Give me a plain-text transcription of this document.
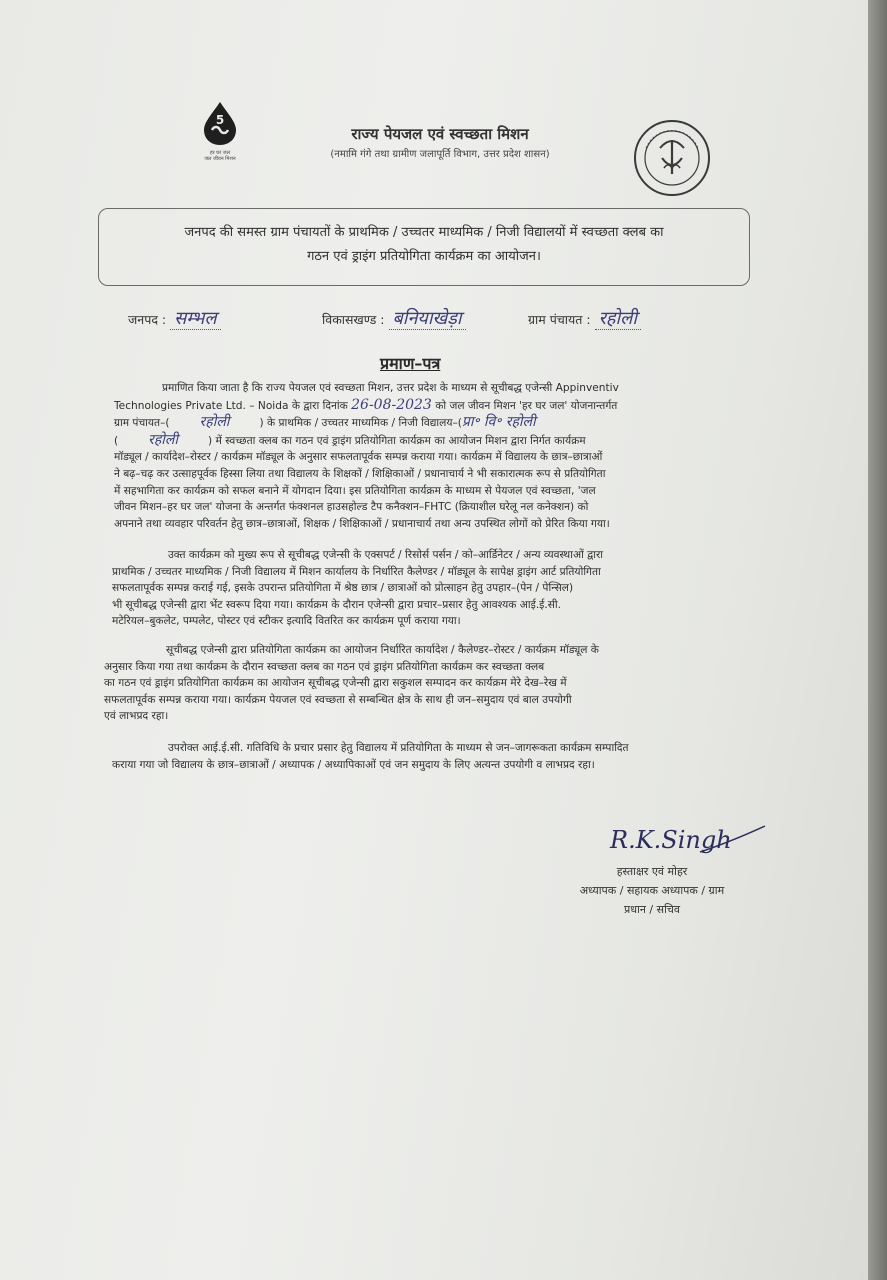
5
हर घर जल
जल जीवन मिशन
राज्य पेयजल एवं स्वच्छता मिशन
(नमामि गंगे तथा ग्रामीण जलापूर्ति विभाग, उत्तर प्रदेश शासन)
जनपद की समस्त ग्राम पंचायतों के प्राथमिक / उच्चतर माध्यमिक / निजी विद्यालयों में स्वच्छता क्लब का
गठन एवं ड्राइंग प्रतियोगिता कार्यक्रम का आयोजन।
जनपद : सम्भल	विकासखण्ड : बनियाखेड़ा	ग्राम पंचायत : रहोली
प्रमाण–पत्र
प्रमाणित किया जाता है कि राज्य पेयजल एवं स्वच्छता मिशन, उत्तर प्रदेश के माध्यम से सूचीबद्ध एजेन्सी Appinventiv
Technologies Private Ltd. – Noida के द्वारा दिनांक 26-08-2023 को जल जीवन मिशन 'हर घर जल' योजनान्तर्गत
ग्राम पंचायत–( रहोली	) के प्राथमिक / उच्चतर माध्यमिक / निजी विद्यालय–(प्रा॰ वि॰ रहोली
( रहोली	) में स्वच्छता क्लब का गठन एवं ड्राइंग प्रतियोगिता कार्यक्रम का आयोजन मिशन द्वारा निर्गत कार्यक्रम
मॉड्यूल / कार्यादेश–रोस्टर / कार्यक्रम मॉड्यूल के अनुसार सफलतापूर्वक सम्पन्न कराया गया। कार्यक्रम में विद्यालय के छात्र–छात्राओं
ने बढ़–चढ़ कर उत्साहपूर्वक हिस्सा लिया तथा विद्यालय के शिक्षकों / शिक्षिकाओं / प्रधानाचार्य ने भी सकारात्मक रूप से प्रतियोगिता
में सहभागिता कर कार्यक्रम को सफल बनाने में योगदान दिया। इस प्रतियोगिता कार्यक्रम के माध्यम से पेयजल एवं स्वच्छता, 'जल
जीवन मिशन–हर घर जल' योजना के अन्तर्गत फंक्शनल हाउसहोल्ड टैप कनैक्शन–FHTC (क्रियाशील घरेलू नल कनेक्शन) को
अपनाने तथा व्यवहार परिवर्तन हेतु छात्र–छात्राओं, शिक्षक / शिक्षिकाओं / प्रधानाचार्य तथा अन्य उपस्थित लोगों को प्रेरित किया गया।
उक्त कार्यक्रम को मुख्य रूप से सूचीबद्ध एजेन्सी के एक्सपर्ट / रिसोर्स पर्सन / को–आर्डिनेटर / अन्य व्यवस्थाओं द्वारा
प्राथमिक / उच्चतर माध्यमिक / निजी विद्यालय में मिशन कार्यालय के निर्धारित कैलेण्डर / मॉड्यूल के सापेक्ष ड्राइंग आर्ट प्रतियोगिता
सफलतापूर्वक सम्पन्न कराई गई, इसके उपरान्त प्रतियोगिता में श्रेष्ठ छात्र / छात्राओं को प्रोत्साहन हेतु उपहार–(पेन / पेन्सिल)
भी सूचीबद्ध एजेन्सी द्वारा भेंट स्वरूप दिया गया। कार्यक्रम के दौरान एजेन्सी द्वारा प्रचार–प्रसार हेतु आवश्यक आई.ई.सी.
मटेरियल–बुकलेट, पम्पलेट, पोस्टर एवं स्टीकर इत्यादि वितरित कर कार्यक्रम पूर्ण कराया गया।
सूचीबद्ध एजेन्सी द्वारा प्रतियोगिता कार्यक्रम का आयोजन निर्धारित कार्यादेश / कैलेण्डर–रोस्टर / कार्यक्रम मॉड्यूल के
अनुसार किया गया तथा कार्यक्रम के दौरान स्वच्छता क्लब का गठन एवं ड्राइंग प्रतियोगिता कार्यक्रम कर स्वच्छता क्लब
का गठन एवं ड्राइंग प्रतियोगिता कार्यक्रम का आयोजन सूचीबद्ध एजेन्सी द्वारा सकुशल सम्पादन कर कार्यक्रम मेरे देख–रेख में
सफलतापूर्वक सम्पन्न कराया गया। कार्यक्रम पेयजल एवं स्वच्छता से सम्बन्धित क्षेत्र के साथ ही जन–समुदाय एवं बाल उपयोगी
एवं लाभप्रद रहा।
उपरोक्त आई.ई.सी. गतिविधि के प्रचार प्रसार हेतु विद्यालय में प्रतियोगिता के माध्यम से जन–जागरूकता कार्यक्रम सम्पादित
कराया गया जो विद्यालय के छात्र–छात्राओं / अध्यापक / अध्यापिकाओं एवं जन समुदाय के लिए अत्यन्त उपयोगी व लाभप्रद रहा।
R.K.Singh
हस्ताक्षर एवं मोहर
अध्यापक / सहायक अध्यापक / ग्राम
प्रधान / सचिव
